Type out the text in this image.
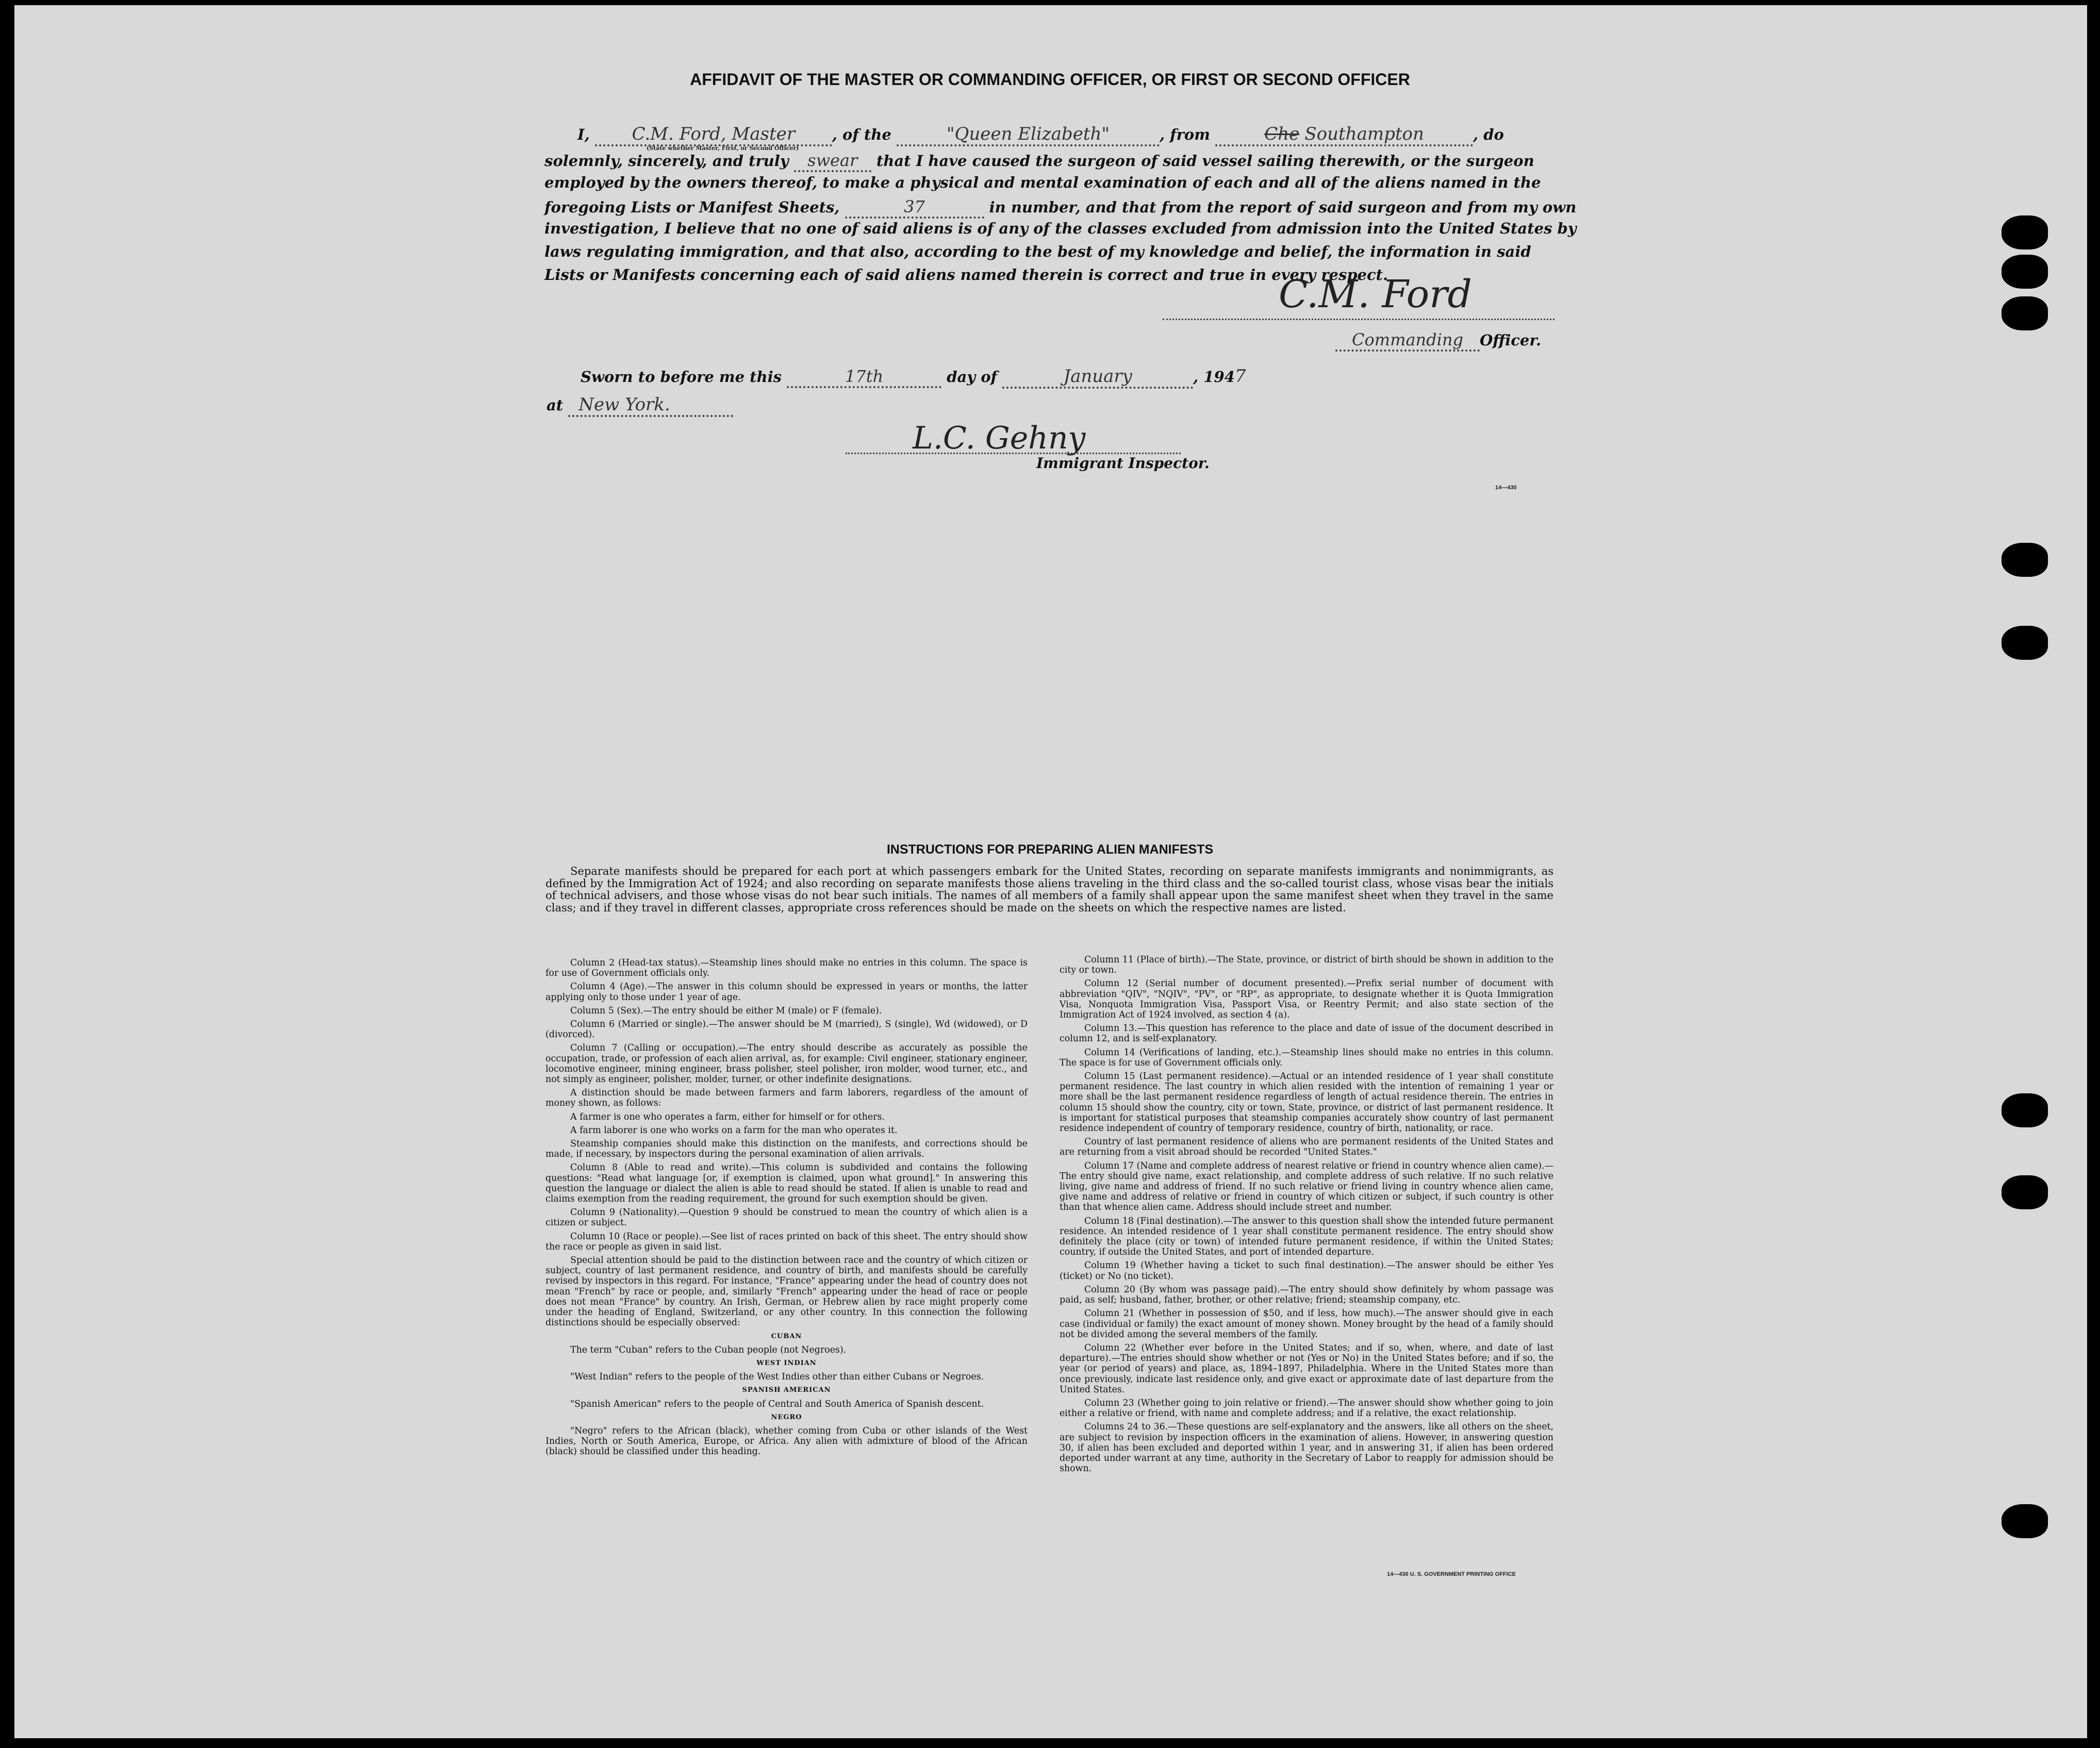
AFFIDAVIT OF THE MASTER OR COMMANDING OFFICER, OR FIRST OR SECOND OFFICER
I, C.M. Ford, Master , of the	"Queen Elizabeth"	, from	Che Southampton	, do
(State whether Master, First, or Second Officer)
solemnly, sincerely, and truly swear that I have caused the surgeon of said vessel sailing therewith, or the surgeon
employed by the owners thereof, to make a physical and mental examination of each and all of the aliens named in the
foregoing Lists or Manifest Sheets,	37	in number, and that from the report of said surgeon and from my own
investigation, I believe that no one of said aliens is of any of the classes excluded from admission into the United States by
laws regulating immigration, and that also, according to the best of my knowledge and belief, the information in said
Lists or Manifests concerning each of said aliens named therein is correct and true in every respect.
C.M. Ford
Commanding Officer.
Sworn to before me this	17th	day of	January	, 1947
at New York.
L.C. Gehny
Immigrant Inspector.
14—430
INSTRUCTIONS FOR PREPARING ALIEN MANIFESTS

Separate manifests should be prepared for each port at which passengers embark for the United States, recording on separate manifests immigrants and nonimmigrants, as defined by the Immigration Act of 1924; and also recording on separate manifests those aliens traveling in the third class and the so-called tourist class, whose visas bear the initials of technical advisers, and those whose visas do not bear such initials. The names of all members of a family shall appear upon the same manifest sheet when they travel in the same class; and if they travel in different classes, appropriate cross references should be made on the sheets on which the respective names are listed.

Column 2 (Head-tax status).—Steamship lines should make no entries in this column. The space is for use of Government officials only.

Column 4 (Age).—The answer in this column should be expressed in years or months, the latter applying only to those under 1 year of age.

Column 5 (Sex).—The entry should be either M (male) or F (female).

Column 6 (Married or single).—The answer should be M (married), S (single), Wd (widowed), or D (divorced).

Column 7 (Calling or occupation).—The entry should describe as accurately as possible the occupation, trade, or profession of each alien arrival, as, for example: Civil engineer, stationary engineer, locomotive engineer, mining engineer, brass polisher, steel polisher, iron molder, wood turner, etc., and not simply as engineer, polisher, molder, turner, or other indefinite designations.

A distinction should be made between farmers and farm laborers, regardless of the amount of money shown, as follows:

A farmer is one who operates a farm, either for himself or for others.

A farm laborer is one who works on a farm for the man who operates it.

Steamship companies should make this distinction on the manifests, and corrections should be made, if necessary, by inspectors during the personal examination of alien arrivals.

Column 8 (Able to read and write).—This column is subdivided and contains the following questions: "Read what language [or, if exemption is claimed, upon what ground]." In answering this question the language or dialect the alien is able to read should be stated. If alien is unable to read and claims exemption from the reading requirement, the ground for such exemption should be given.

Column 9 (Nationality).—Question 9 should be construed to mean the country of which alien is a citizen or subject.

Column 10 (Race or people).—See list of races printed on back of this sheet. The entry should show the race or people as given in said list.

Special attention should be paid to the distinction between race and the country of which citizen or subject, country of last permanent residence, and country of birth, and manifests should be carefully revised by inspectors in this regard. For instance, "France" appearing under the head of country does not mean "French" by race or people, and, similarly "French" appearing under the head of race or people does not mean "France" by country. An Irish, German, or Hebrew alien by race might properly come under the heading of England, Switzerland, or any other country. In this connection the following distinctions should be especially observed:

CUBAN

The term "Cuban" refers to the Cuban people (not Negroes).

WEST INDIAN

"West Indian" refers to the people of the West Indies other than either Cubans or Negroes.

SPANISH AMERICAN

"Spanish American" refers to the people of Central and South America of Spanish descent.

NEGRO

"Negro" refers to the African (black), whether coming from Cuba or other islands of the West Indies, North or South America, Europe, or Africa. Any alien with admixture of blood of the African (black) should be classified under this heading.

Column 11 (Place of birth).—The State, province, or district of birth should be shown in addition to the city or town.

Column 12 (Serial number of document presented).—Prefix serial number of document with abbreviation "QIV", "NQIV", "PV", or "RP", as appropriate, to designate whether it is Quota Immigration Visa, Nonquota Immigration Visa, Passport Visa, or Reentry Permit; and also state section of the Immigration Act of 1924 involved, as section 4 (a).

Column 13.—This question has reference to the place and date of issue of the document described in column 12, and is self-explanatory.

Column 14 (Verifications of landing, etc.).—Steamship lines should make no entries in this column. The space is for use of Government officials only.

Column 15 (Last permanent residence).—Actual or an intended residence of 1 year shall constitute permanent residence. The last country in which alien resided with the intention of remaining 1 year or more shall be the last permanent residence regardless of length of actual residence therein. The entries in column 15 should show the country, city or town, State, province, or district of last permanent residence. It is important for statistical purposes that steamship companies accurately show country of last permanent residence independent of country of temporary residence, country of birth, nationality, or race.

Country of last permanent residence of aliens who are permanent residents of the United States and are returning from a visit abroad should be recorded "United States."

Column 17 (Name and complete address of nearest relative or friend in country whence alien came).—The entry should give name, exact relationship, and complete address of such relative. If no such relative living, give name and address of friend. If no such relative or friend living in country whence alien came, give name and address of relative or friend in country of which citizen or subject, if such country is other than that whence alien came. Address should include street and number.

Column 18 (Final destination).—The answer to this question shall show the intended future permanent residence. An intended residence of 1 year shall constitute permanent residence. The entry should show definitely the place (city or town) of intended future permanent residence, if within the United States; country, if outside the United States, and port of intended departure.

Column 19 (Whether having a ticket to such final destination).—The answer should be either Yes (ticket) or No (no ticket).

Column 20 (By whom was passage paid).—The entry should show definitely by whom passage was paid, as self; husband, father, brother, or other relative; friend; steamship company, etc.

Column 21 (Whether in possession of $50, and if less, how much).—The answer should give in each case (individual or family) the exact amount of money shown. Money brought by the head of a family should not be divided among the several members of the family.

Column 22 (Whether ever before in the United States; and if so, when, where, and date of last departure).—The entries should show whether or not (Yes or No) in the United States before; and if so, the year (or period of years) and place, as, 1894–1897, Philadelphia. Where in the United States more than once previously, indicate last residence only, and give exact or approximate date of last departure from the United States.

Column 23 (Whether going to join relative or friend).—The answer should show whether going to join either a relative or friend, with name and complete address; and if a relative, the exact relationship.

Columns 24 to 36.—These questions are self-explanatory and the answers, like all others on the sheet, are subject to revision by inspection officers in the examination of aliens. However, in answering question 30, if alien has been excluded and deported within 1 year, and in answering 31, if alien has been ordered deported under warrant at any time, authority in the Secretary of Labor to reapply for admission should be shown.

14—430 U. S. GOVERNMENT PRINTING OFFICE
